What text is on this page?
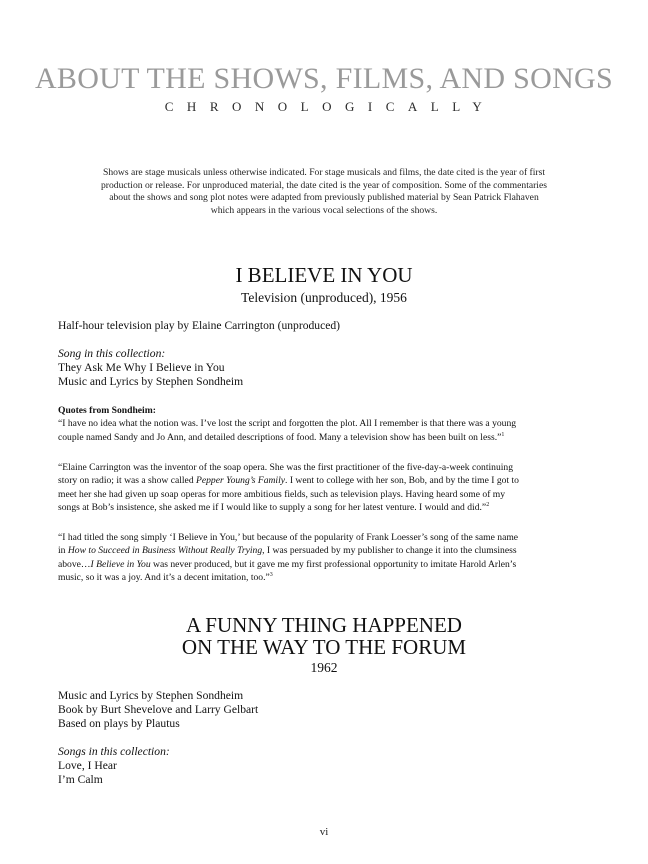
ABOUT THE SHOWS, FILMS, AND SONGS
CHRONOLOGICALLY
Shows are stage musicals unless otherwise indicated. For stage musicals and films, the date cited is the year of first
production or release. For unproduced material, the date cited is the year of composition. Some of the commentaries
about the shows and song plot notes were adapted from previously published material by Sean Patrick Flahaven
which appears in the various vocal selections of the shows.
I BELIEVE IN YOU
Television (unproduced), 1956
Half-hour television play by Elaine Carrington (unproduced)
Song in this collection:
They Ask Me Why I Believe in You
Music and Lyrics by Stephen Sondheim
Quotes from Sondheim:
“I have no idea what the notion was. I’ve lost the script and forgotten the plot. All I remember is that there was a young
couple named Sandy and Jo Ann, and detailed descriptions of food. Many a television show has been built on less.”$^1$
“Elaine Carrington was the inventor of the soap opera. She was the first practitioner of the five-day-a-week continuing
story on radio; it was a show called Pepper Young’s Family. I went to college with her son, Bob, and by the time I got to
meet her she had given up soap operas for more ambitious fields, such as television plays. Having heard some of my
songs at Bob’s insistence, she asked me if I would like to supply a song for her latest venture. I would and did.”$^2$
“I had titled the song simply ‘I Believe in You,’ but because of the popularity of Frank Loesser’s song of the same name
in How to Succeed in Business Without Really Trying, I was persuaded by my publisher to change it into the clumsiness
above…I Believe in You was never produced, but it gave me my first professional opportunity to imitate Harold Arlen’s
music, so it was a joy. And it’s a decent imitation, too.”$^3$
A FUNNY THING HAPPENED
ON THE WAY TO THE FORUM
1962
Music and Lyrics by Stephen Sondheim
Book by Burt Shevelove and Larry Gelbart
Based on plays by Plautus
Songs in this collection:
Love, I Hear
I’m Calm
vi
